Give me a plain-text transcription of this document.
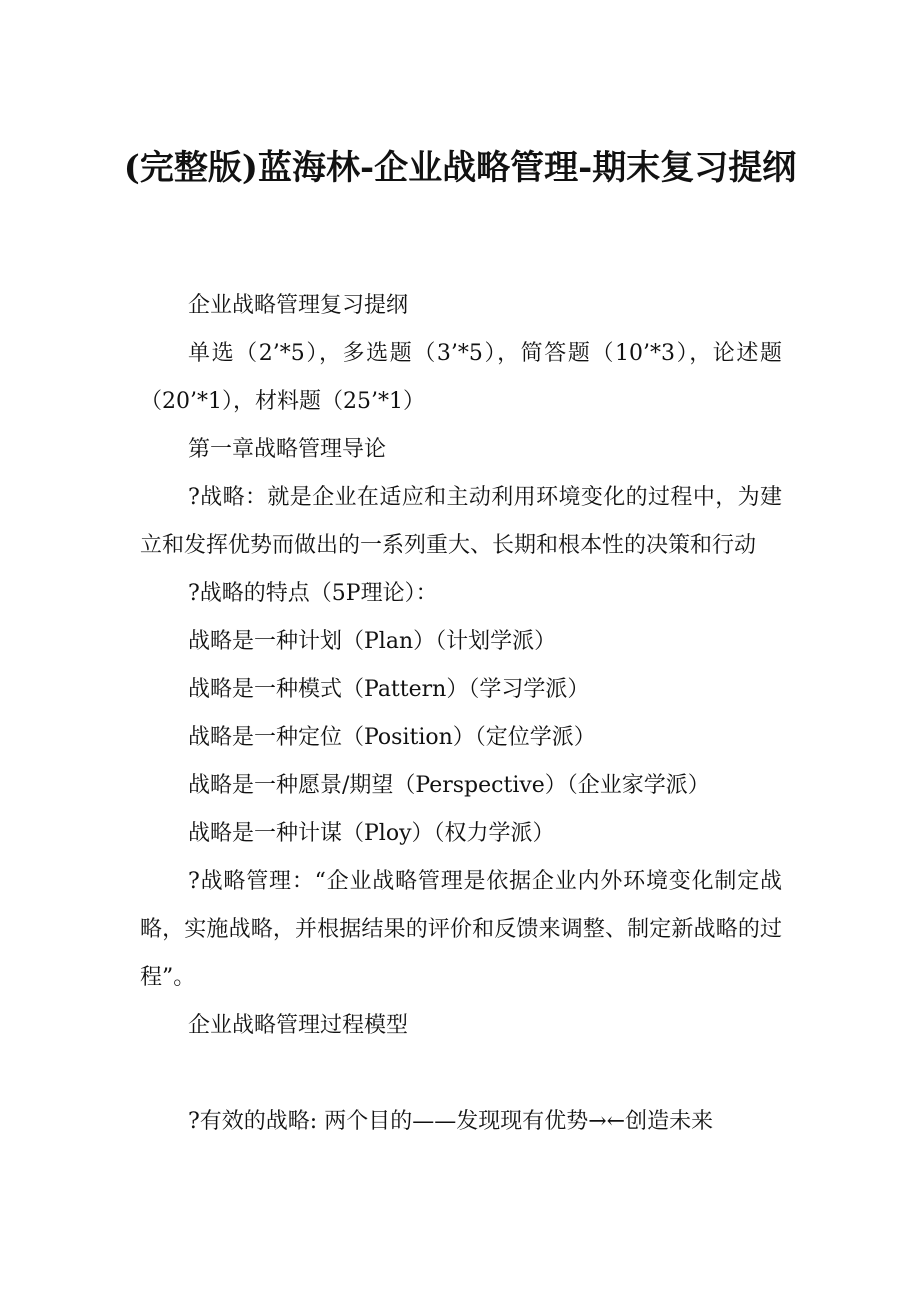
(完整版)蓝海林-企业战略管理-期末复习提纲

企业战略管理复习提纲

单选（2’*5），多选题（3’*5），简答题（10’*3），论述题（20’*1），材料题（25’*1）

第一章战略管理导论

?战略：就是企业在适应和主动利用环境变化的过程中，为建立和发挥优势而做出的一系列重大、长期和根本性的决策和行动

?战略的特点（5P理论）：

战略是一种计划（Plan）（计划学派）

战略是一种模式（Pattern）（学习学派）

战略是一种定位（Position）（定位学派）

战略是一种愿景/期望（Perspective）（企业家学派）

战略是一种计谋（Ploy）（权力学派）

?战略管理：“企业战略管理是依据企业内外环境变化制定战略，实施战略，并根据结果的评价和反馈来调整、制定新战略的过程”。

企业战略管理过程模型

?有效的战略: 两个目的——发现现有优势→←创造未来
